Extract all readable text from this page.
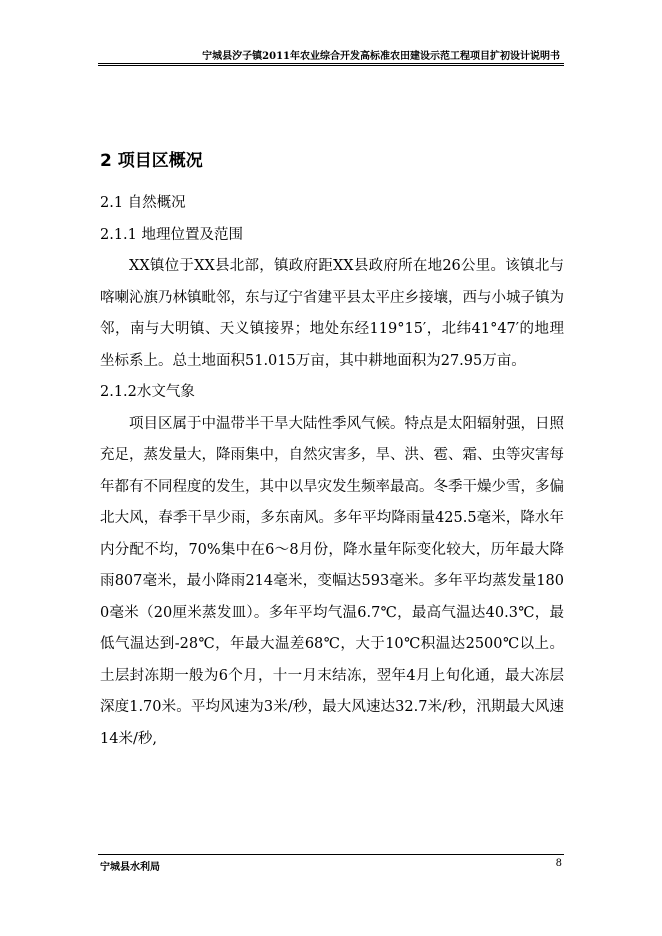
宁城县汐子镇2011年农业综合开发高标准农田建设示范工程项目扩初设计说明书
2 项目区概况
2.1 自然概况
2.1.1 地理位置及范围

XX镇位于XX县北部，镇政府距XX县政府所在地26公里。该镇北与喀喇沁旗乃林镇毗邻，东与辽宁省建平县太平庄乡接壤，西与小城子镇为邻，南与大明镇、天义镇接界；地处东经119°15′，北纬41°47′的地理坐标系上。总土地面积51.015万亩，其中耕地面积为27.95万亩。

2.1.2水文气象

项目区属于中温带半干旱大陆性季风气候。特点是太阳辐射强，日照充足，蒸发量大，降雨集中，自然灾害多，旱、洪、雹、霜、虫等灾害每年都有不同程度的发生，其中以旱灾发生频率最高。冬季干燥少雪，多偏北大风，春季干旱少雨，多东南风。多年平均降雨量425.5毫米，降水年内分配不均，70%集中在6～8月份，降水量年际变化较大，历年最大降雨807毫米，最小降雨214毫米，变幅达593毫米。多年平均蒸发量1800毫米（20厘米蒸发皿）。多年平均气温6.7℃，最高气温达40.3℃，最低气温达到-28℃，年最大温差68℃，大于10℃积温达2500℃以上。土层封冻期一般为6个月，十一月末结冻，翌年4月上旬化通，最大冻层深度1.70米。平均风速为3米/秒，最大风速达32.7米/秒，汛期最大风速14米/秒,

宁城县水利局	8
